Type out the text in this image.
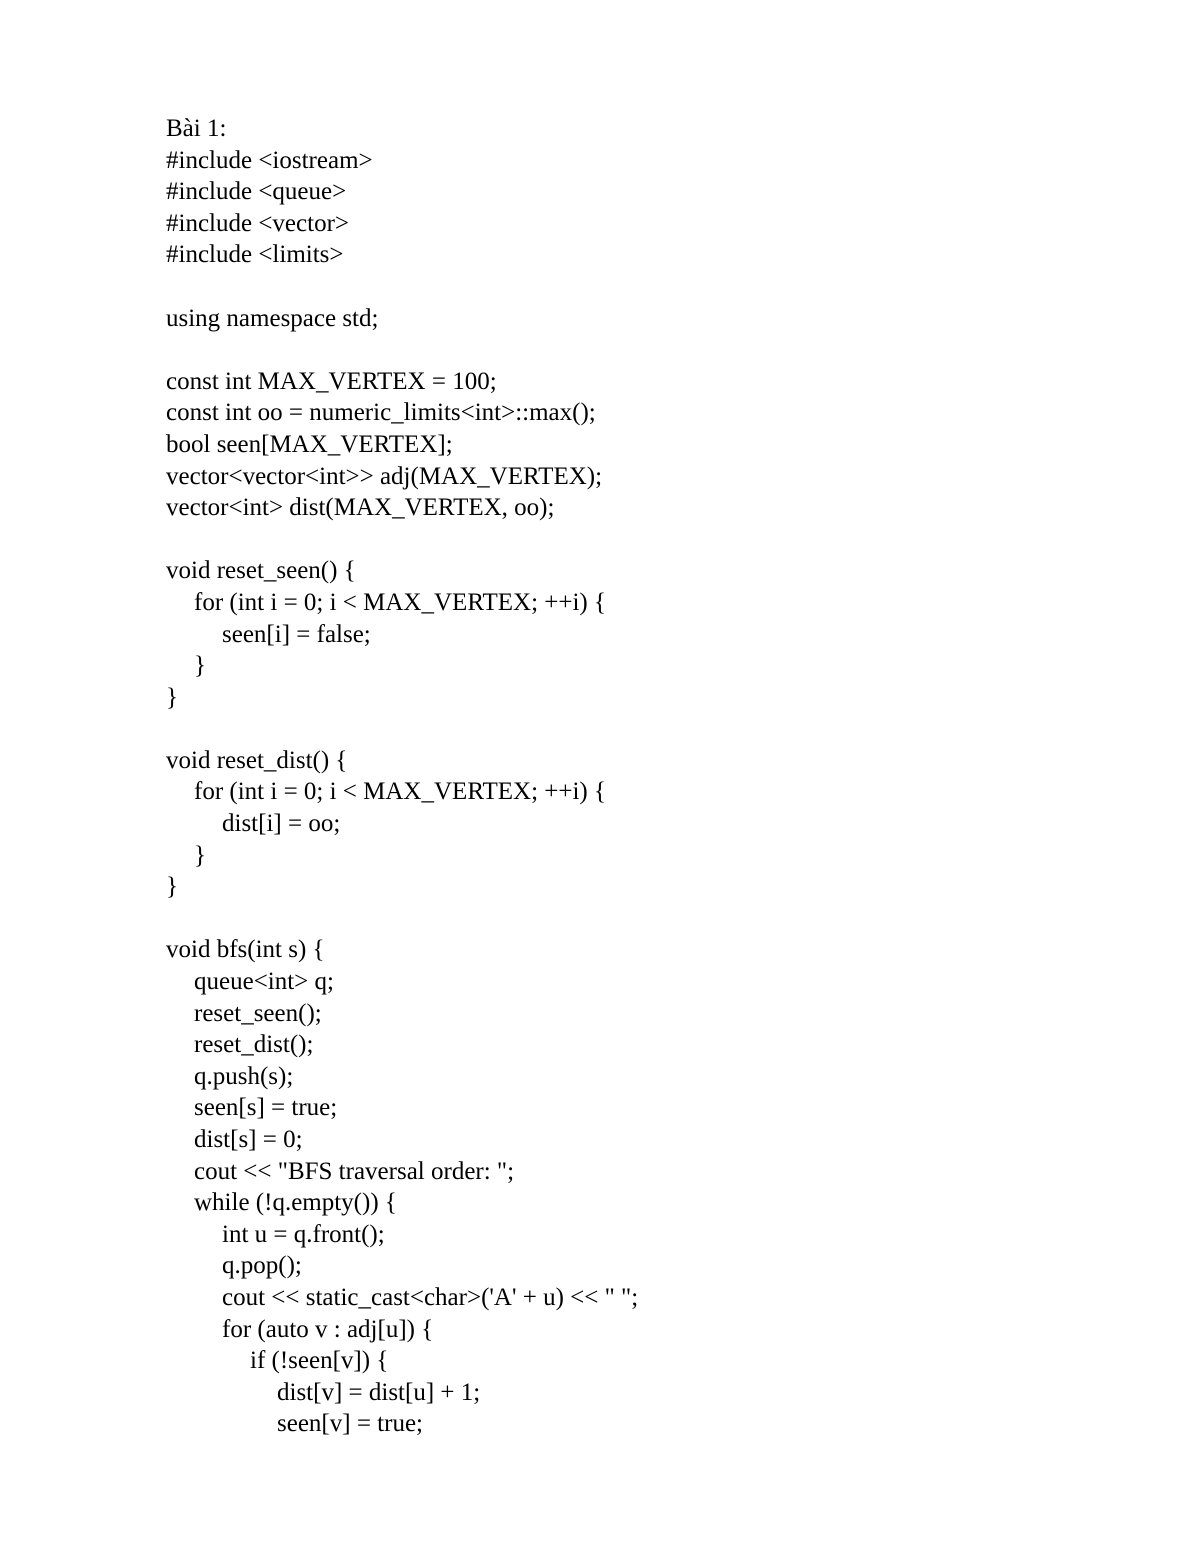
Bài 1:
#include <iostream>
#include <queue>
#include <vector>
#include <limits>
using namespace std;
const int MAX_VERTEX = 100;
const int oo = numeric_limits<int>::max();
bool seen[MAX_VERTEX];
vector<vector<int>> adj(MAX_VERTEX);
vector<int> dist(MAX_VERTEX, oo);
void reset_seen() {
for (int i = 0; i < MAX_VERTEX; ++i) {
seen[i] = false;
}
}
void reset_dist() {
for (int i = 0; i < MAX_VERTEX; ++i) {
dist[i] = oo;
}
}
void bfs(int s) {
queue<int> q;
reset_seen();
reset_dist();
q.push(s);
seen[s] = true;
dist[s] = 0;
cout << "BFS traversal order: ";
while (!q.empty()) {
int u = q.front();
q.pop();
cout << static_cast<char>('A' + u) << " ";
for (auto v : adj[u]) {
if (!seen[v]) {
dist[v] = dist[u] + 1;
seen[v] = true;
